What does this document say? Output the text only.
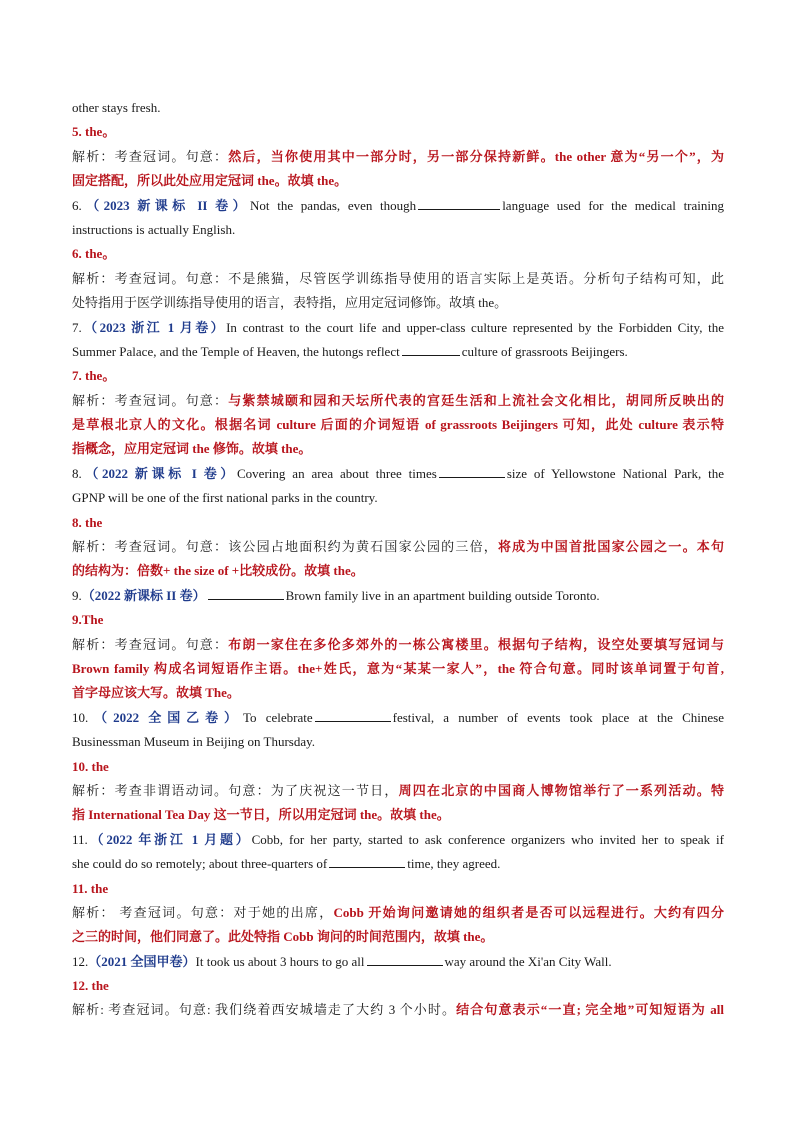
other stays fresh.
5. the。
解析：考查冠词。句意：然后，当你使用其中一部分时，另一部分保持新鲜。the other 意为“另一个”，为
固定搭配，所以此处应用定冠词 the。故填 the。
6.（2023 新课标 II 卷）Not the pandas, even though	language used for the medical training
instructions is actually English.
6. the。
解析：考查冠词。句意：不是熊猫，尽管医学训练指导使用的语言实际上是英语。分析句子结构可知，此
处特指用于医学训练指导使用的语言，表特指，应用定冠词修饰。故填 the。
7.（2023 浙江 1 月卷）In contrast to the court life and upper-class culture represented by the Forbidden City, the
Summer Palace, and the Temple of Heaven, the hutongs reflect	culture of grassroots Beijingers.
7. the。
解析：考查冠词。句意：与紫禁城颐和园和天坛所代表的宫廷生活和上流社会文化相比，胡同所反映出的
是草根北京人的文化。根据名词 culture 后面的介词短语 of grassroots Beijingers 可知，此处 culture 表示特
指概念，应用定冠词 the 修饰。故填 the。
8.（2022 新课标 I 卷）Covering an area about three times	size of Yellowstone National Park, the
GPNP will be one of the first national parks in the country.
8. the
解析：考查冠词。句意：该公园占地面积约为黄石国家公园的三倍，将成为中国首批国家公园之一。本句
的结构为：倍数+ the size of +比较成份。故填 the。
9.（2022 新课标 II 卷）	Brown family live in an apartment building outside Toronto.
9.The
解析：考查冠词。句意：布朗一家住在多伦多郊外的一栋公寓楼里。根据句子结构，设空处要填写冠词与
Brown family 构成名词短语作主语。the+姓氏，意为“某某一家人”，the 符合句意。同时该单词置于句首,
首字母应该大写。故填 The。
10.（2022 全国乙卷）To celebrate	festival, a number of events took place at the Chinese
Businessman Museum in Beijing on Thursday.
10. the
解析：考查非谓语动词。句意：为了庆祝这一节日，周四在北京的中国商人博物馆举行了一系列活动。特
指 International Tea Day 这一节日，所以用定冠词 the。故填 the。
11.（2022 年浙江 1 月题）Cobb, for her party, started to ask conference organizers who invited her to speak if
she could do so remotely; about three-quarters of	time, they agreed.
11. the
解析： 考查冠词。句意：对于她的出席，Cobb 开始询问邀请她的组织者是否可以远程进行。大约有四分
之三的时间，他们同意了。此处特指 Cobb 询问的时间范围内，故填 the。
12.（2021 全国甲卷）It took us about 3 hours to go all	way around the Xi'an City Wall.
12. the
解析: 考查冠词。句意: 我们绕着西安城墙走了大约 3 个小时。结合句意表示“一直; 完全地”可知短语为 all
